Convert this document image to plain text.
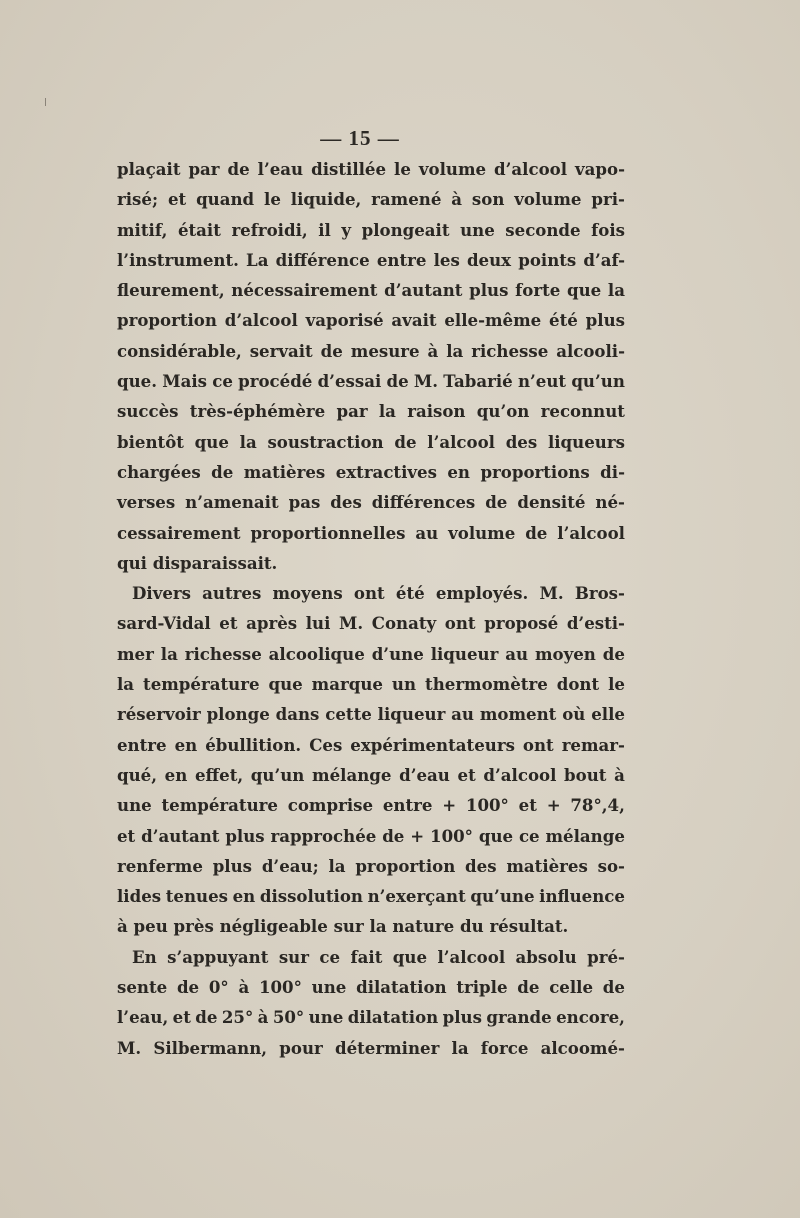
— 15 —
plaçait par de l’eau distillée le volume d’alcool vapo-
risé; et quand le liquide, ramené à son volume pri-
mitif, était refroidi, il y plongeait une seconde fois
l’instrument. La différence entre les deux points d’af-
fleurement, nécessairement d’autant plus forte que la
proportion d’alcool vaporisé avait elle-même été plus
considérable, servait de mesure à la richesse alcooli-
que. Mais ce procédé d’essai de M. Tabarié n’eut qu’un
succès très-éphémère par la raison qu’on reconnut
bientôt que la soustraction de l’alcool des liqueurs
chargées de matières extractives en proportions di-
verses n’amenait pas des différences de densité né-
cessairement proportionnelles au volume de l’alcool
qui disparaissait.
Divers autres moyens ont été employés. M. Bros-
sard-Vidal et après lui M. Conaty ont proposé d’esti-
mer la richesse alcoolique d’une liqueur au moyen de
la température que marque un thermomètre dont le
réservoir plonge dans cette liqueur au moment où elle
entre en ébullition. Ces expérimentateurs ont remar-
qué, en effet, qu’un mélange d’eau et d’alcool bout à
une température comprise entre + 100° et + 78°,4,
et d’autant plus rapprochée de + 100° que ce mélange
renferme plus d’eau; la proportion des matières so-
lides tenues en dissolution n’exerçant qu’une influence
à peu près négligeable sur la nature du résultat.
En s’appuyant sur ce fait que l’alcool absolu pré-
sente de 0° à 100° une dilatation triple de celle de
l’eau, et de 25° à 50° une dilatation plus grande encore,
M. Silbermann, pour déterminer la force alcoomé-
